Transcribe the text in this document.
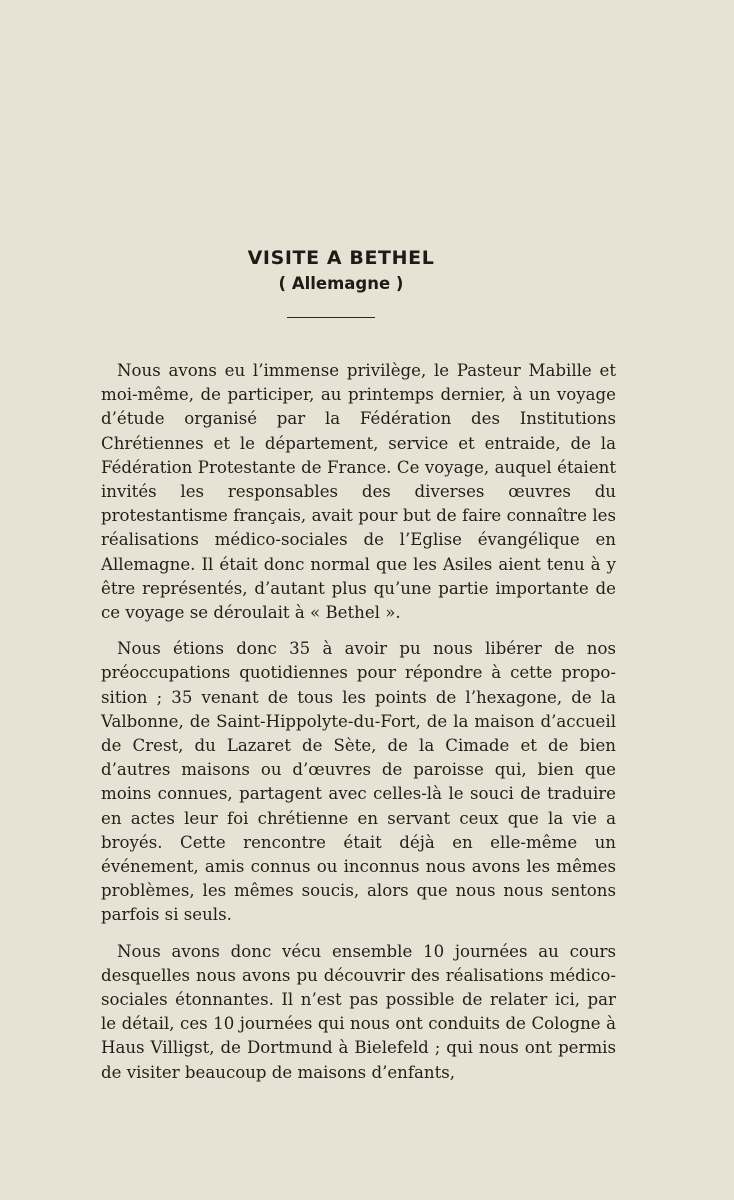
VISITE A BETHEL
( Allemagne )

Nous avons eu l’immense privilège, le Pasteur Mabille et moi-même, de participer, au printemps dernier, à un voyage d’étude organisé par la Fédération des Institutions Chrétiennes et le département, service et entraide, de la Fédération Protestante de France. Ce voyage, auquel étaient invités les responsables des diverses œuvres du protestantisme français, avait pour but de faire connaître les réalisations médico-sociales de l’Eglise évangélique en Allemagne. Il était donc normal que les Asiles aient tenu à y être représentés, d’autant plus qu’une partie importante de ce voyage se déroulait à « Bethel ».

Nous étions donc 35 à avoir pu nous libérer de nos préoccupations quotidiennes pour répondre à cette proposition ; 35 venant de tous les points de l’hexagone, de la Valbonne, de Saint-Hippolyte-du-Fort, de la maison d’accueil de Crest, du Lazaret de Sète, de la Cimade et de bien d’autres maisons ou d’œuvres de paroisse qui, bien que moins connues, partagent avec celles-là le souci de traduire en actes leur foi chrétienne en servant ceux que la vie a broyés. Cette rencontre était déjà en elle-même un événement, amis connus ou inconnus nous avons les mêmes problèmes, les mêmes soucis, alors que nous nous sentons parfois si seuls.

Nous avons donc vécu ensemble 10 journées au cours desquelles nous avons pu découvrir des réalisations médicosociales étonnantes. Il n’est pas possible de relater ici, par le détail, ces 10 journées qui nous ont conduits de Cologne à Haus Villigst, de Dortmund à Bielefeld ; qui nous ont permis de visiter beaucoup de maisons d’enfants,
